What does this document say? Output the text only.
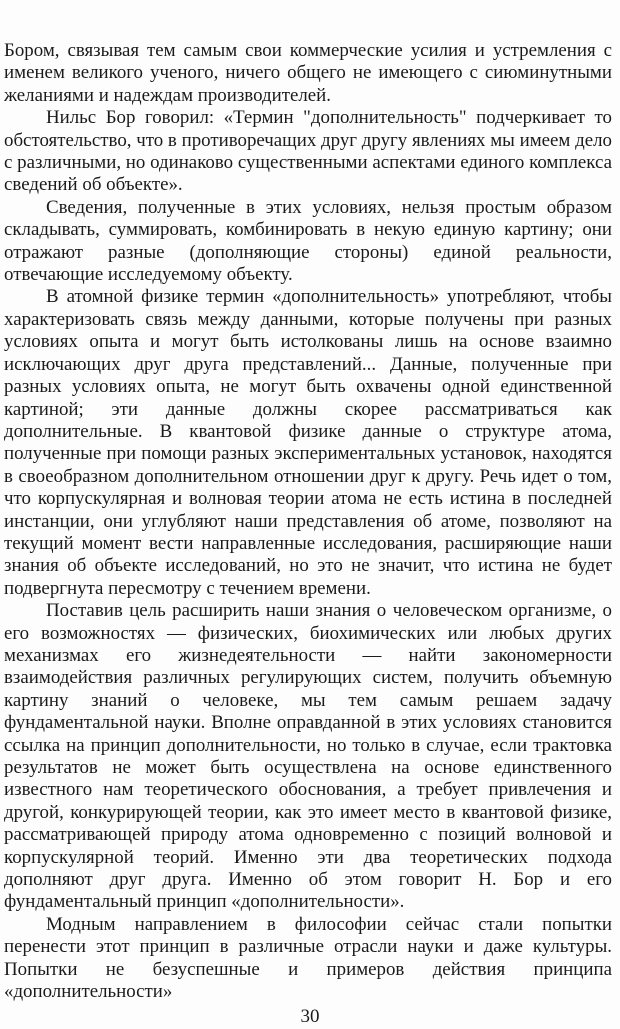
Бором, связывая тем самым свои коммерческие усилия и устремления с именем великого ученого, ничего общего не имеющего с сиюминутными желаниями и надеждам производителей.

Нильс Бор говорил: «Термин "дополнительность" подчеркивает то обстоятельство, что в противоречащих друг другу явлениях мы имеем дело с различными, но одинаково существенными аспектами единого комплекса сведений об объекте».

Сведения, полученные в этих условиях, нельзя простым образом складывать, суммировать, комбинировать в некую единую картину; они отражают разные (дополняющие стороны) единой реальности, отвечающие исследуемому объекту.

В атомной физике термин «дополнительность» употребляют, чтобы характеризовать связь между данными, которые получены при разных условиях опыта и могут быть истолкованы лишь на основе взаимно исключающих друг друга представлений... Данные, полученные при разных условиях опыта, не могут быть охвачены одной единственной картиной; эти данные должны скорее рассматриваться как дополнительные. В квантовой физике данные о структуре атома, полученные при помощи разных экспериментальных установок, находятся в своеобразном дополнительном отношении друг к другу. Речь идет о том, что корпускулярная и волновая теории атома не есть истина в последней инстанции, они углубляют наши представления об атоме, позволяют на текущий момент вести направленные исследования, расширяющие наши знания об объекте исследований, но это не значит, что истина не будет подвергнута пересмотру с течением времени.

Поставив цель расширить наши знания о человеческом организме, о его возможностях — физических, биохимических или любых других механизмах его жизнедеятельности — найти закономерности взаимодействия различных регулирующих систем, получить объемную картину знаний о человеке, мы тем самым решаем задачу фундаментальной науки. Вполне оправданной в этих условиях становится ссылка на принцип дополнительности, но только в случае, если трактовка результатов не может быть осуществлена на основе единственного известного нам теоретического обоснования, а требует привлечения и другой, конкурирующей теории, как это имеет место в квантовой физике, рассматривающей природу атома одновременно с позиций волновой и корпускулярной теорий. Именно эти два теоретических подхода дополняют друг друга. Именно об этом говорит Н. Бор и его фундаментальный принцип «дополнительности».

Модным направлением в философии сейчас стали попытки перенести этот принцип в различные отрасли науки и даже культуры. Попытки не безуспешные и примеров действия принципа «дополнительности»

30
